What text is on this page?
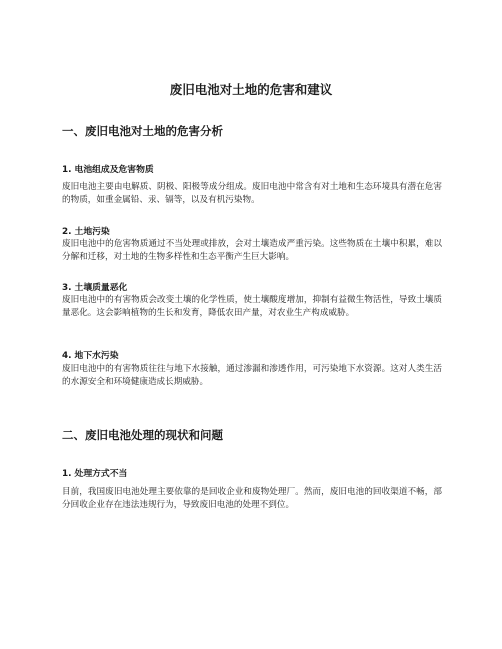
废旧电池对土地的危害和建议
一、废旧电池对土地的危害分析
1. 电池组成及危害物质

废旧电池主要由电解质、阴极、阳极等成分组成。废旧电池中常含有对土地和生态环境具有潜在危害的物质，如重金属铅、汞、镉等，以及有机污染物。

2. 土地污染

废旧电池中的危害物质通过不当处理或排放，会对土壤造成严重污染。这些物质在土壤中积累，难以分解和迁移，对土地的生物多样性和生态平衡产生巨大影响。

3. 土壤质量恶化

废旧电池中的有害物质会改变土壤的化学性质，使土壤酸度增加，抑制有益微生物活性，导致土壤质量恶化。这会影响植物的生长和发育，降低农田产量，对农业生产构成威胁。

4. 地下水污染

废旧电池中的有害物质往往与地下水接触，通过渗漏和渗透作用，可污染地下水资源。这对人类生活的水源安全和环境健康造成长期威胁。

二、废旧电池处理的现状和问题
1. 处理方式不当

目前，我国废旧电池处理主要依靠的是回收企业和废物处理厂。然而，废旧电池的回收渠道不畅，部分回收企业存在违法违规行为，导致废旧电池的处理不到位。
